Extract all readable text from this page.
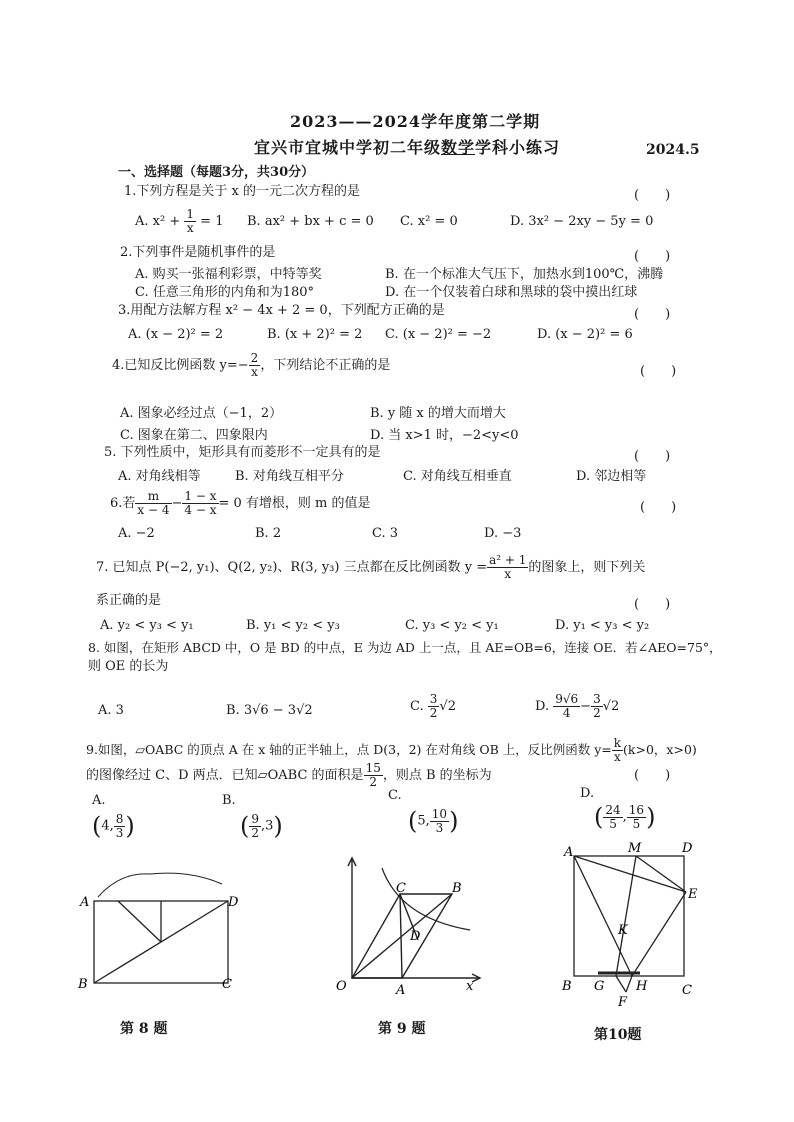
2023——2024学年度第二学期
宜兴市宜城中学初二年级数学学科小练习	2024.5
一、选择题（每题3分，共30分）
1.下列方程是关于 x 的一元二次方程的是	(　　)
A. $x^2 + \frac{1}{x} = 1$ B. ax² + bx + c = 0 C. x² = 0	D. 3x² − 2xy − 5y = 0
2.下列事件是随机事件的是	(　　)
A. 购买一张福利彩票，中特等奖	B. 在一个标准大气压下，加热水到100℃，沸腾
C. 任意三角形的内角和为180°	D. 在一个仅装着白球和黑球的袋中摸出红球
3.用配方法解方程 x² − 4x + 2 = 0，下列配方正确的是	(　　)
A. (x − 2)² = 2	B. (x + 2)² = 2 C. (x − 2)² = −2	D. (x − 2)² = 6
4.已知反比例函数 $y=- \frac{2}{x}$ ，下列结论不正确的是	(　　)
A. 图象必经过点（−1，2）	B. y 随 x 的增大而增大
C. 图象在第二、四象限内	D. 当 x>1 时，−2<y<0
5. 下列性质中，矩形具有而菱形不一定具有的是	(　　)
A. 对角线相等	B. 对角线互相平分	C. 对角线互相垂直	D. 邻边相等
6.若 $\frac{m}{x - 4} - \frac{1 - x}{4 - x} = 0$ 有增根，则 m 的值是	(　　)
A. −2	B. 2	C. 3	D. −3
7. 已知点 P(−2, y₁)、Q(2, y₂)、R(3, y₃) 三点都在反比例函数 $y = \frac{\text{a² + 1}}{x}$ 的图象上，则下列关
系正确的是	(　　)
A. y₂ < y₃ < y₁	B. y₁ < y₂ < y₃	C. y₃ < y₂ < y₁	D. y₁ < y₃ < y₂
8. 如图，在矩形 ABCD 中，O 是 BD 的中点，E 为边 AD 上一点，且 AE=OB=6，连接 OE．若∠AEO=75°，
则 OE 的长为
A. 3	B. 3√6 − 3√2	C. $\frac{3}{2} √2$	D. $\frac{9√6}{4} - \frac{3}{2} √2$
9.如图，▱OABC 的顶点 A 在 x 轴的正半轴上，点 D(3，2) 在对角线 OB 上，反比例函数 $y= \frac{k}{x} (k>0$，x>0)
的图像经过 C、D 两点．已知▱OABC 的面积是 $\frac{15}{2}$ ，则点 B 的坐标为	(　　)
A.
(4, $\frac{8}{3}$ )
B.
( $\frac{9}{2} ,3$)
C.
(5, $\frac{10}{3}$ )
D.
( $\frac{24}{5}$ , $\frac{16}{5}$ )
A
B	C
D
第 8 题
O	A
B
C
D
x
第 9 题
A	M	D
E
K
B G H	C
F
第10题
